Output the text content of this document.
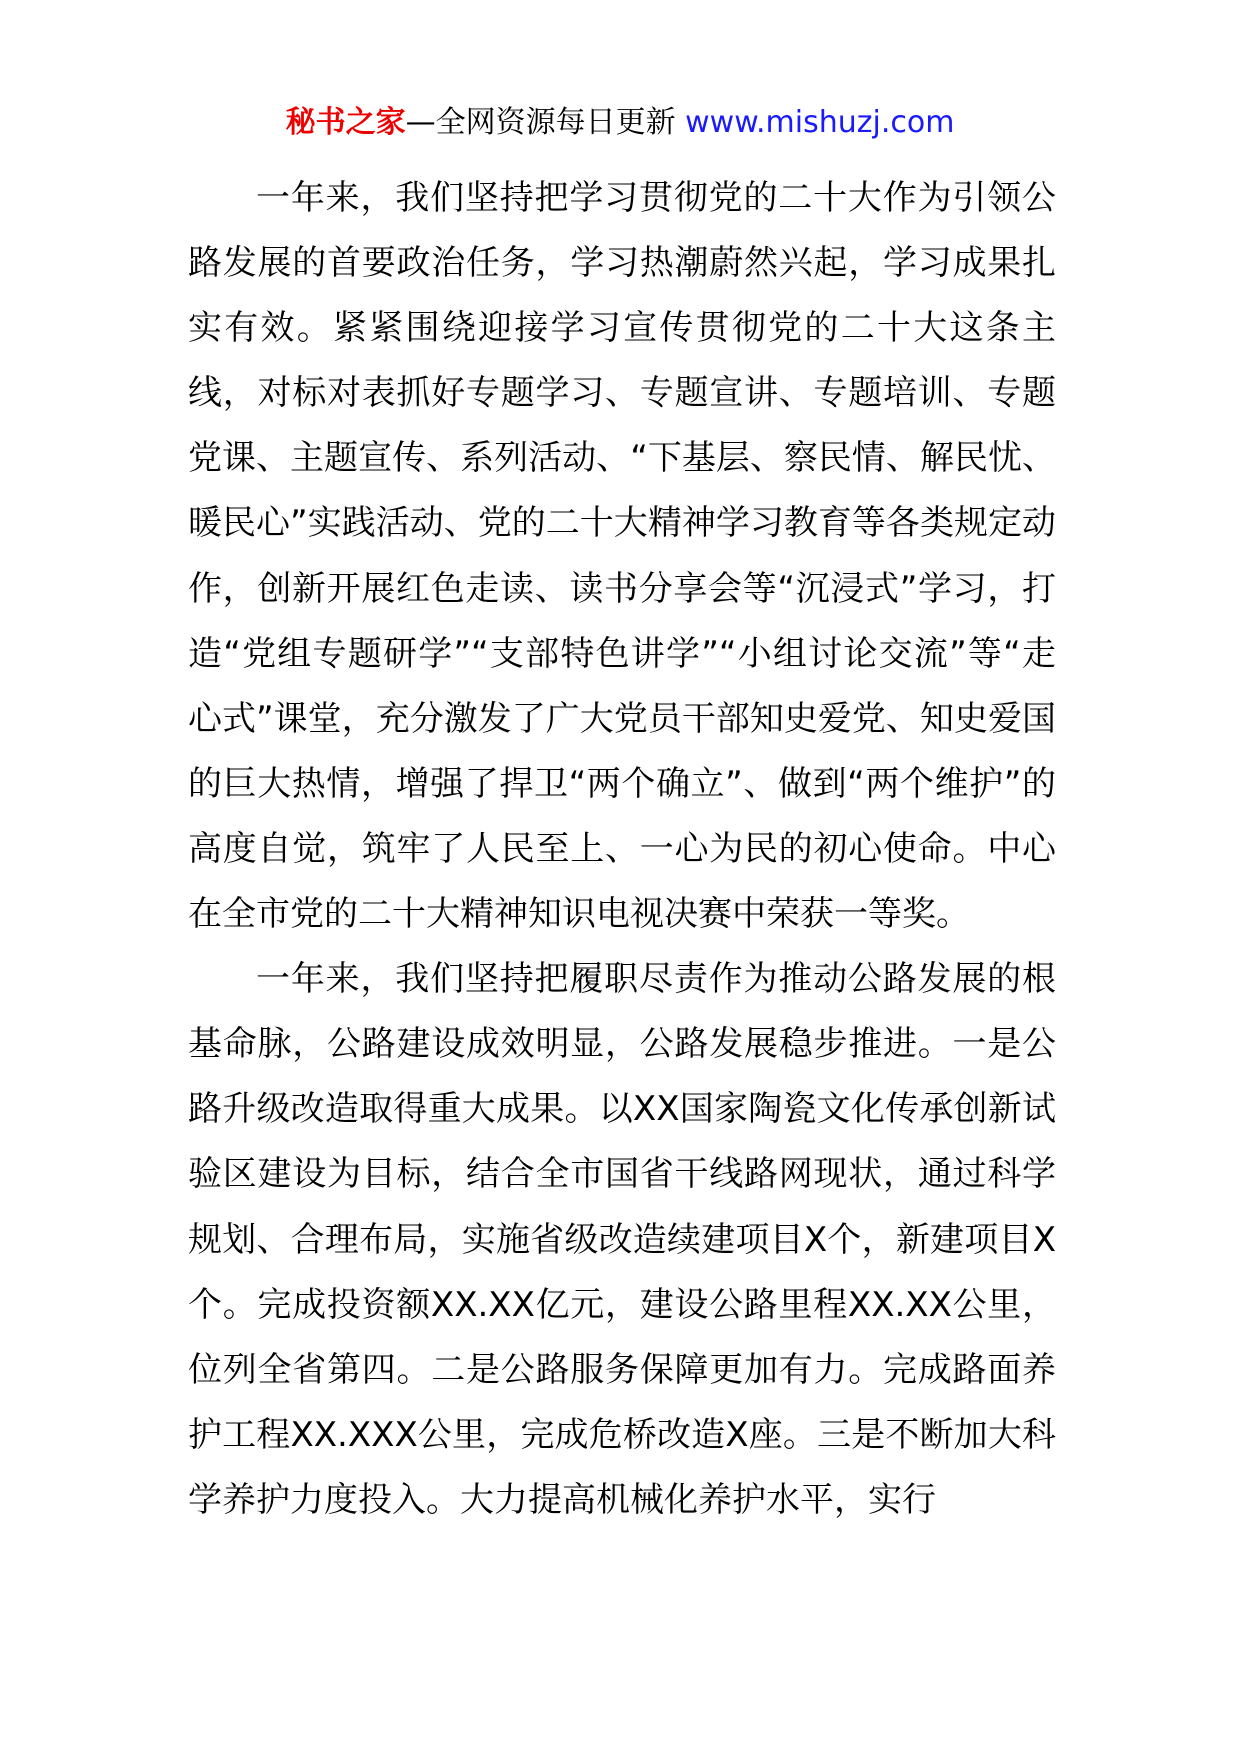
秘书之家—全网资源每日更新 www.mishuzj.com

一年来，我们坚持把学习贯彻党的二十大作为引领公路发展的首要政治任务，学习热潮蔚然兴起，学习成果扎实有效。紧紧围绕迎接学习宣传贯彻党的二十大这条主线，对标对表抓好专题学习、专题宣讲、专题培训、专题党课、主题宣传、系列活动、“下基层、察民情、解民忧、暖民心”实践活动、党的二十大精神学习教育等各类规定动作，创新开展红色走读、读书分享会等“沉浸式”学习，打造“党组专题研学”“支部特色讲学”“小组讨论交流”等“走心式”课堂，充分激发了广大党员干部知史爱党、知史爱国的巨大热情，增强了捍卫“两个确立”、做到“两个维护”的高度自觉，筑牢了人民至上、一心为民的初心使命。中心在全市党的二十大精神知识电视决赛中荣获一等奖。

一年来，我们坚持把履职尽责作为推动公路发展的根基命脉，公路建设成效明显，公路发展稳步推进。一是公路升级改造取得重大成果。以XX国家陶瓷文化传承创新试验区建设为目标，结合全市国省干线路网现状，通过科学规划、合理布局，实施省级改造续建项目X个，新建项目X个。完成投资额XX.XX亿元，建设公路里程XX.XX公里，位列全省第四。二是公路服务保障更加有力。完成路面养护工程XX.XXX公里，完成危桥改造X座。三是不断加大科学养护力度投入。大力提高机械化养护水平，实行
